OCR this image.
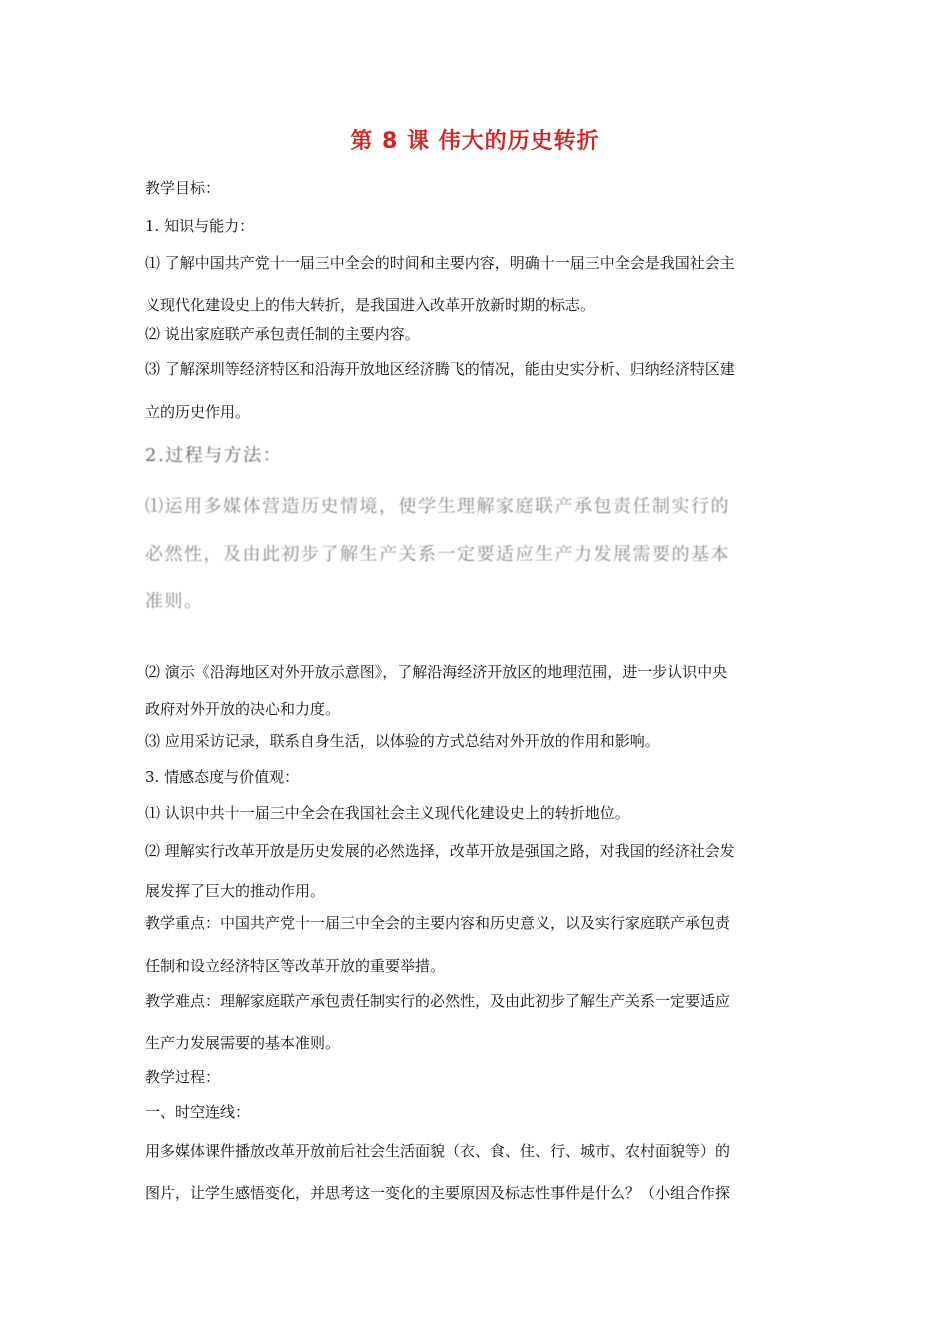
第 8 课 伟大的历史转折
教学目标：
1. 知识与能力：
⑴ 了解中国共产党十一届三中全会的时间和主要内容，明确十一届三中全会是我国社会主
义现代化建设史上的伟大转折，是我国进入改革开放新时期的标志。
⑵ 说出家庭联产承包责任制的主要内容。
⑶ 了解深圳等经济特区和沿海开放地区经济腾飞的情况，能由史实分析、归纳经济特区建
立的历史作用。
2.过程与方法：
⑴运用多媒体营造历史情境，使学生理解家庭联产承包责任制实行的
必然性，及由此初步了解生产关系一定要适应生产力发展需要的基本
准则。
⑵ 演示《沿海地区对外开放示意图》，了解沿海经济开放区的地理范围，进一步认识中央
政府对外开放的决心和力度。
⑶ 应用采访记录，联系自身生活，以体验的方式总结对外开放的作用和影响。
3. 情感态度与价值观：
⑴ 认识中共十一届三中全会在我国社会主义现代化建设史上的转折地位。
⑵ 理解实行改革开放是历史发展的必然选择，改革开放是强国之路，对我国的经济社会发
展发挥了巨大的推动作用。
教学重点：中国共产党十一届三中全会的主要内容和历史意义，以及实行家庭联产承包责
任制和设立经济特区等改革开放的重要举措。
教学难点：理解家庭联产承包责任制实行的必然性，及由此初步了解生产关系一定要适应
生产力发展需要的基本准则。
教学过程：
一、时空连线：
用多媒体课件播放改革开放前后社会生活面貌（衣、食、住、行、城市、农村面貌等）的
图片，让学生感悟变化，并思考这一变化的主要原因及标志性事件是什么？（小组合作探
